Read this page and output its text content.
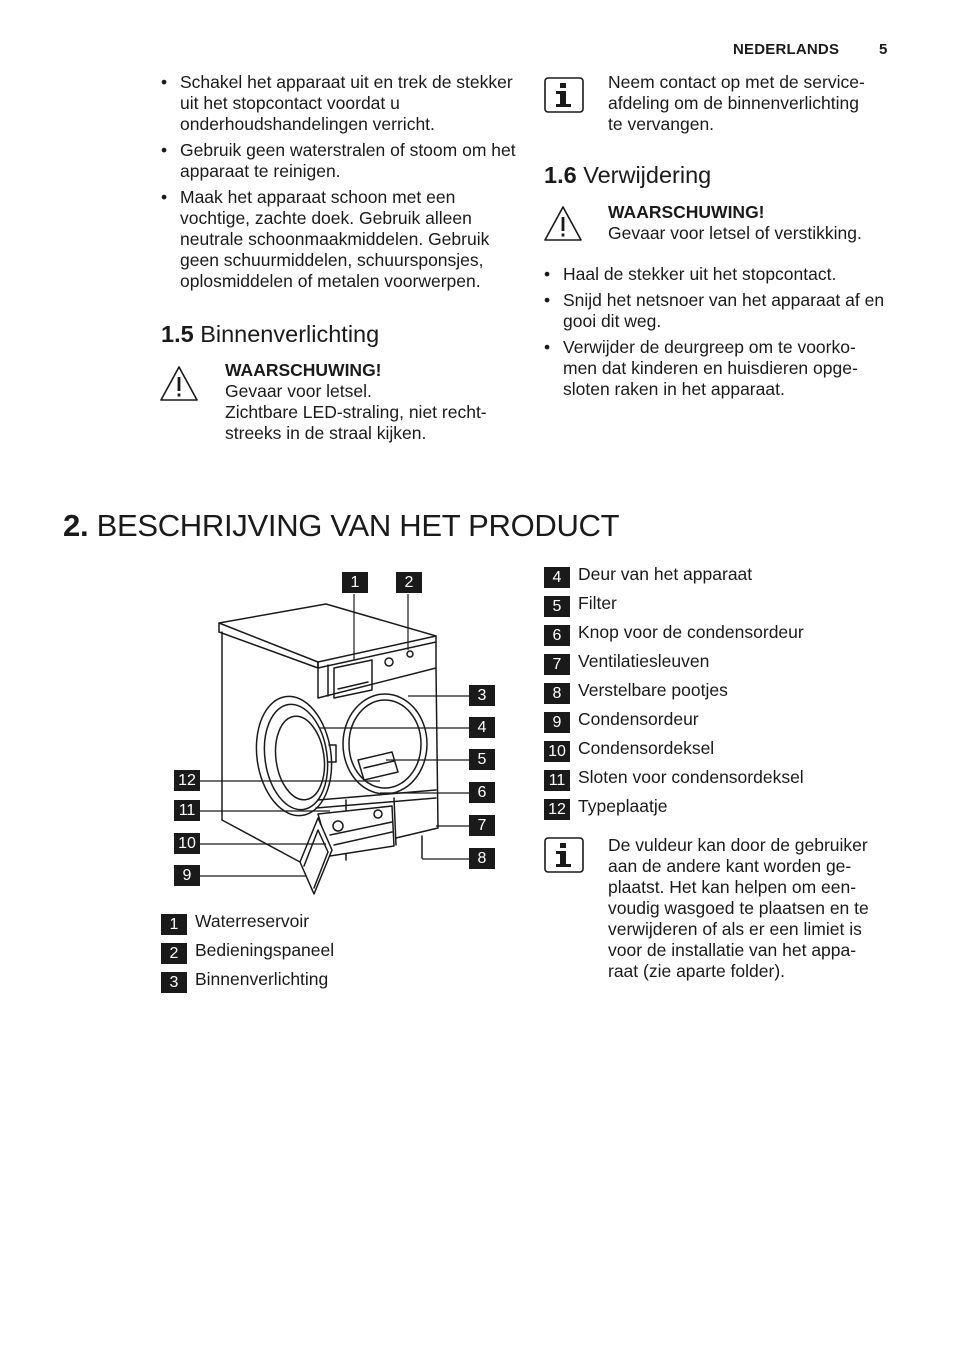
NEDERLANDS	5
• Schakel het apparaat uit en trek de stekker uit het stopcontact voordat u onderhoudshandelingen verricht.
• Gebruik geen waterstralen of stoom om het apparaat te reinigen.
• Maak het apparaat schoon met een vochtige, zachte doek. Gebruik alleen neutrale schoonmaakmiddelen. Gebruik geen schuurmiddelen, schuursponsjes, oplosmiddelen of metalen voorwerpen.
1.5 Binnenverlichting
WAARSCHUWING!
Gevaar voor letsel.
Zichtbare LED-straling, niet recht-
streeks in de straal kijken.
Neem contact op met de service-
afdeling om de binnenverlichting
te vervangen.
1.6 Verwijdering
WAARSCHUWING!
Gevaar voor letsel of verstikking.
• Haal de stekker uit het stopcontact.
• Snijd het netsnoer van het apparaat af en gooi dit weg.
• Verwijder de deurgreep om te voorko-men dat kinderen en huisdieren opge-sloten raken in het apparaat.
2. BESCHRIJVING VAN HET PRODUCT
1	2
3
4
5
6
7
8
9
10
11
12
1 Waterreservoir
2 Bedieningspaneel
3 Binnenverlichting
4 Deur van het apparaat
5 Filter
6 Knop voor de condensordeur
7 Ventilatiesleuven
8 Verstelbare pootjes
9 Condensordeur
10 Condensordeksel
11 Sloten voor condensordeksel
12 Typeplaatje
De vuldeur kan door de gebruiker
aan de andere kant worden ge-
plaatst. Het kan helpen om een-
voudig wasgoed te plaatsen en te
verwijderen of als er een limiet is
voor de installatie van het appa-
raat (zie aparte folder).
